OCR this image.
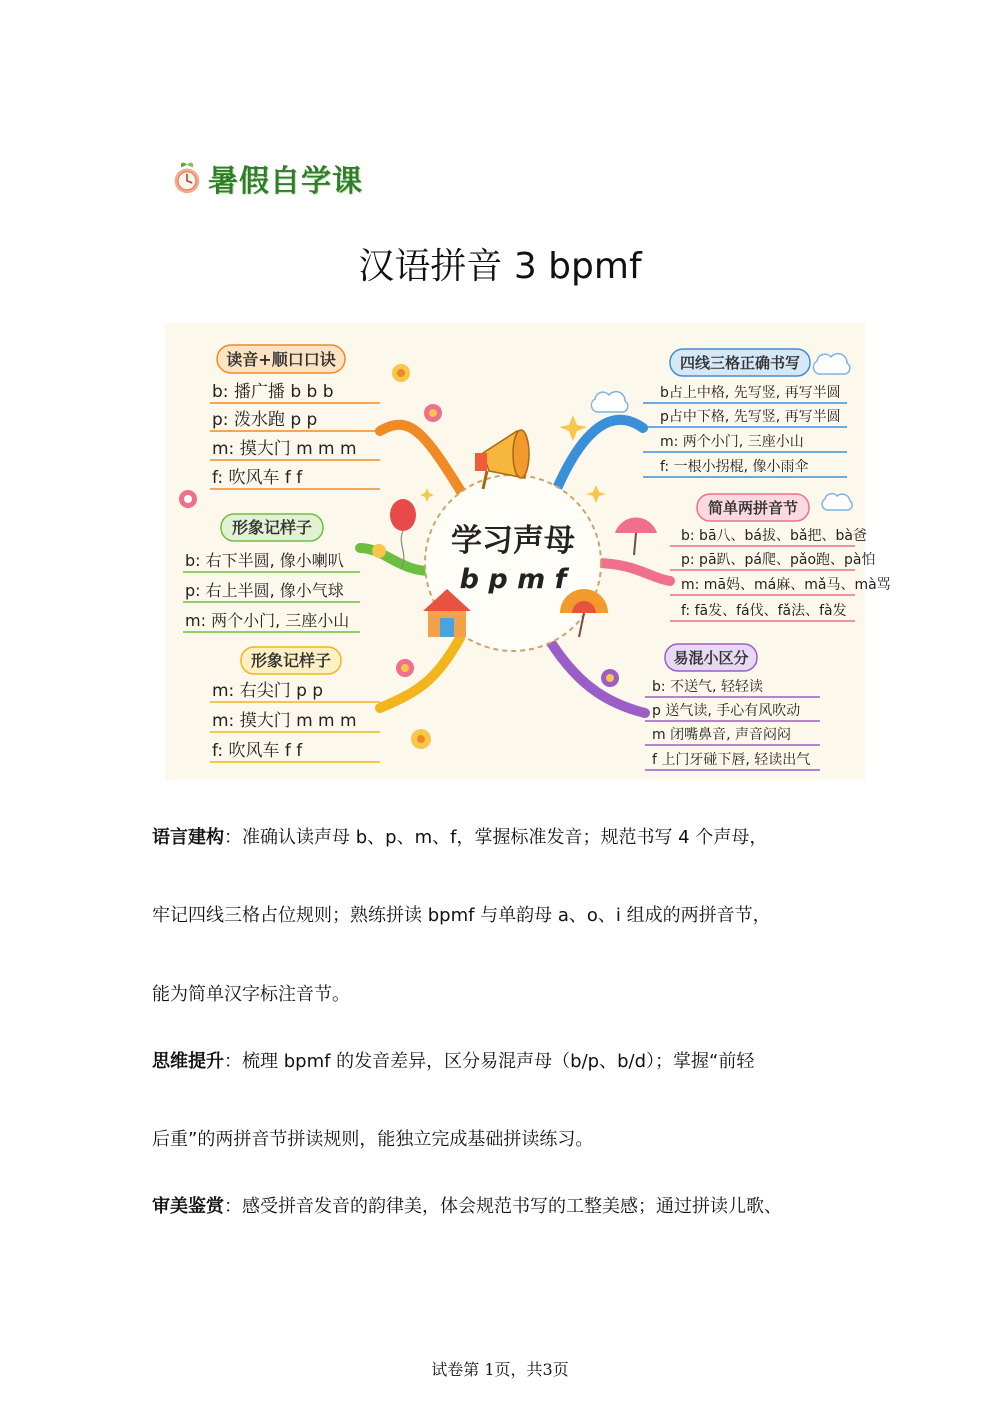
暑假自学课
汉语拼音 3 bpmf
学习声母
b p m f
读音+顺口口诀
b: 播广播 b b b
p: 泼水跑 p p
m: 摸大门 m m m
f: 吹风车 f f
形象记样子
b: 右下半圆, 像小喇叭
p: 右上半圆, 像小气球
m: 两个小门, 三座小山
形象记样子
m: 右尖门 p p
m: 摸大门 m m m
f: 吹风车 f f
四线三格正确书写
b占上中格, 先写竖, 再写半圆
p占中下格, 先写竖, 再写半圆
m: 两个小门, 三座小山
f: 一根小拐棍, 像小雨伞
简单两拼音节
b: bā八、bá拔、bǎ把、bà爸
p: pā趴、pá爬、pǎo跑、pà怕
m: mā妈、má麻、mǎ马、mà骂
f: fā发、fá伐、fǎ法、fà发
易混小区分
b: 不送气, 轻轻读
p 送气读, 手心有风吹动
m 闭嘴鼻音, 声音闷闷
f 上门牙碰下唇, 轻读出气
语言建构：准确认读声母 b、p、m、f，掌握标准发音；规范书写 4 个声母，
牢记四线三格占位规则；熟练拼读 bpmf 与单韵母 a、o、i 组成的两拼音节，
能为简单汉字标注音节。
思维提升：梳理 bpmf 的发音差异，区分易混声母（b/p、b/d）；掌握“前轻
后重”的两拼音节拼读规则，能独立完成基础拼读练习。
审美鉴赏：感受拼音发音的韵律美，体会规范书写的工整美感；通过拼读儿歌、
试卷第 1页，共3页
